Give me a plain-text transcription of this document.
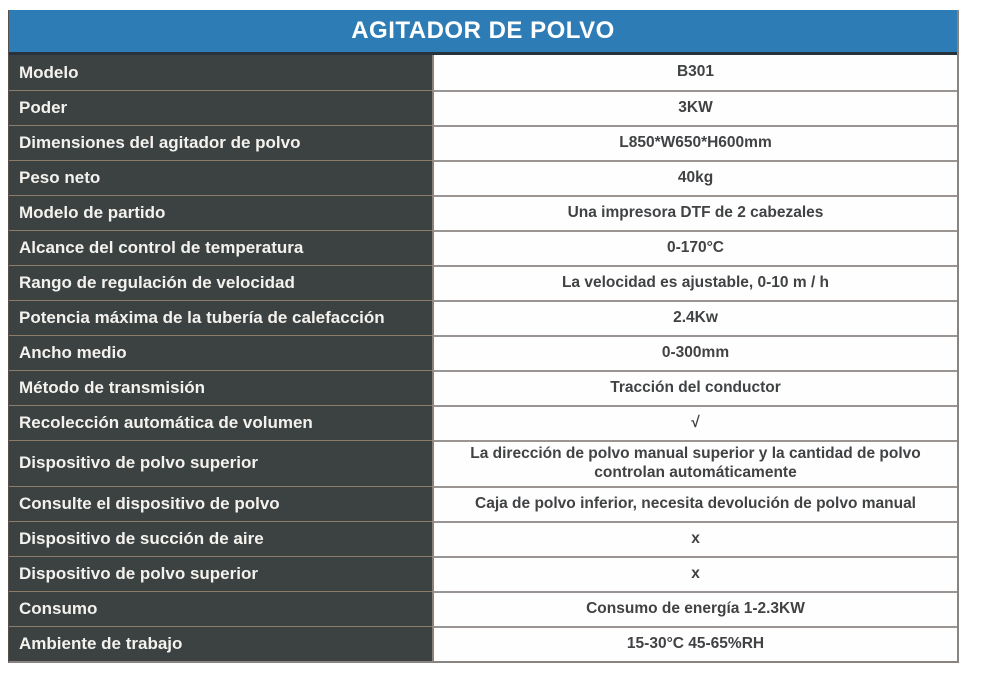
AGITADOR DE POLVO
Modelo	B301
Poder	3KW
Dimensiones del agitador de polvo	L850*W650*H600mm
Peso neto	40kg
Modelo de partido	Una impresora DTF de 2 cabezales
Alcance del control de temperatura	0-170°C
Rango de regulación de velocidad	La velocidad es ajustable, 0-10 m / h
Potencia máxima de la tubería de calefacción	2.4Kw
Ancho medio	0-300mm
Método de transmisión	Tracción del conductor
Recolección automática de volumen	√
Dispositivo de polvo superior	La dirección de polvo manual superior y la cantidad de polvo controlan automáticamente
Consulte el dispositivo de polvo	Caja de polvo inferior, necesita devolución de polvo manual
Dispositivo de succión de aire	x
Dispositivo de polvo superior	x
Consumo	Consumo de energía 1-2.3KW
Ambiente de trabajo	15-30°C 45-65%RH
